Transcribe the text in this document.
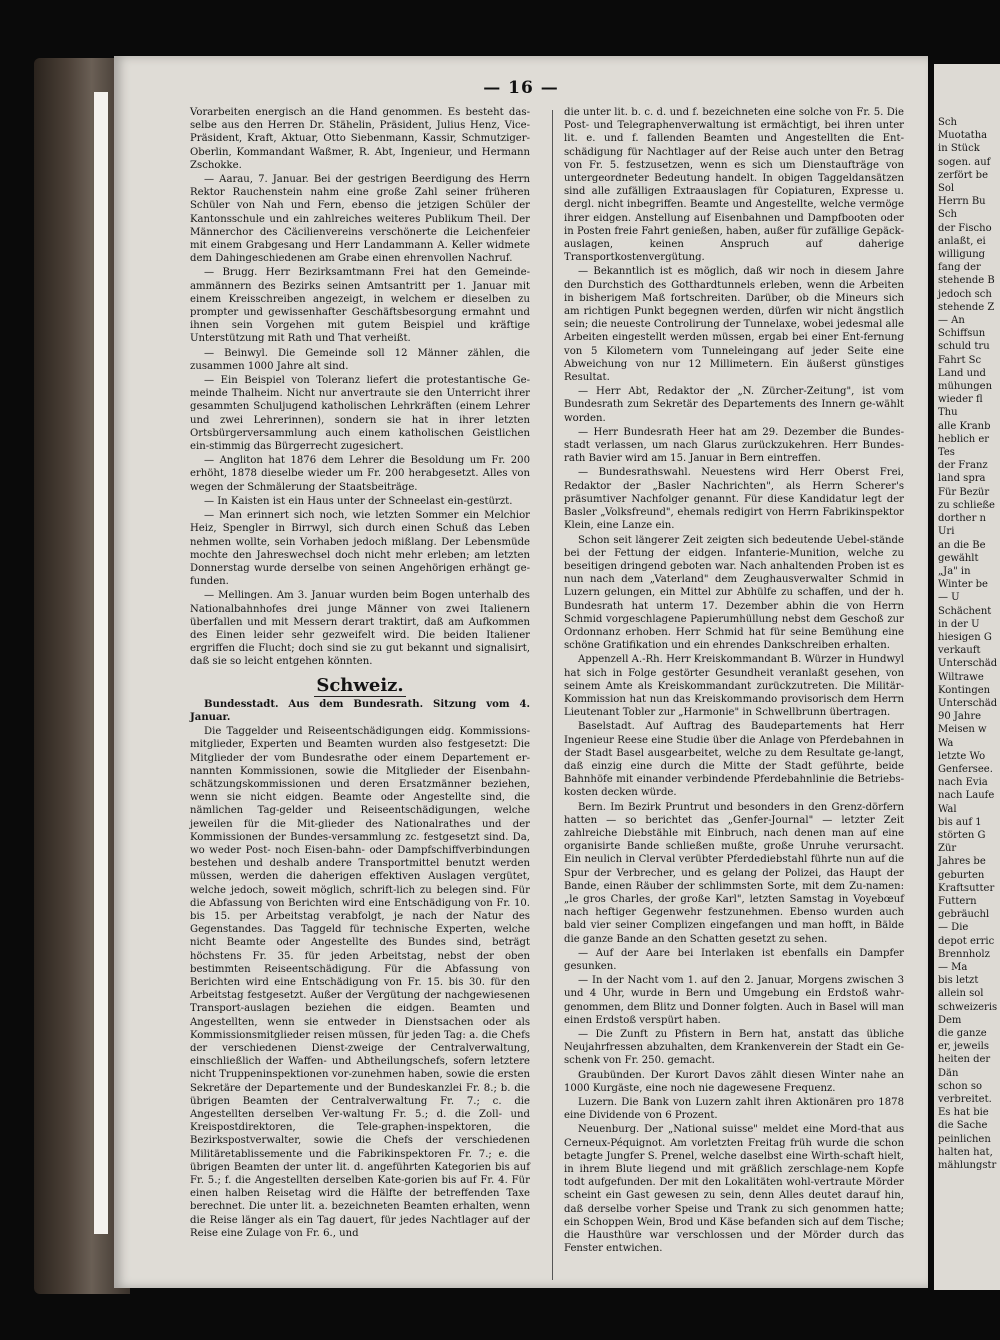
— 16 —

Vorarbeiten energisch an die Hand genommen. Es besteht das-selbe aus den Herren Dr. Stähelin, Präsident, Julius Henz, Vice-Präsident, Kraft, Aktuar, Otto Siebenmann, Kassir, Schmutziger-Oberlin, Kommandant Waßmer, R. Abt, Ingenieur, und Hermann Zschokke.

— Aarau, 7. Januar. Bei der gestrigen Beerdigung des Herrn Rektor Rauchenstein nahm eine große Zahl seiner früheren Schüler von Nah und Fern, ebenso die jetzigen Schüler der Kantonsschule und ein zahlreiches weiteres Publikum Theil. Der Männerchor des Cäcilienvereins verschönerte die Leichenfeier mit einem Grabgesang und Herr Landammann A. Keller widmete dem Dahingeschiedenen am Grabe einen ehrenvollen Nachruf.

— Brugg. Herr Bezirksamtmann Frei hat den Gemeinde-ammännern des Bezirks seinen Amtsantritt per 1. Januar mit einem Kreisschreiben angezeigt, in welchem er dieselben zu prompter und gewissenhafter Geschäftsbesorgung ermahnt und ihnen sein Vorgehen mit gutem Beispiel und kräftige Unterstützung mit Rath und That verheißt.

— Beinwyl. Die Gemeinde soll 12 Männer zählen, die zusammen 1000 Jahre alt sind.

— Ein Beispiel von Toleranz liefert die protestantische Ge-meinde Thalheim. Nicht nur anvertraute sie den Unterricht ihrer gesammten Schuljugend katholischen Lehrkräften (einem Lehrer und zwei Lehrerinnen), sondern sie hat in ihrer letzten Ortsbürgerversammlung auch einem katholischen Geistlichen ein-stimmig das Bürgerrecht zugesichert.

— Angliton hat 1876 dem Lehrer die Besoldung um Fr. 200 erhöht, 1878 dieselbe wieder um Fr. 200 herabgesetzt. Alles von wegen der Schmälerung der Staatsbeiträge.

— In Kaisten ist ein Haus unter der Schneelast ein-gestürzt.

— Man erinnert sich noch, wie letzten Sommer ein Melchior Heiz, Spengler in Birrwyl, sich durch einen Schuß das Leben nehmen wollte, sein Vorhaben jedoch mißlang. Der Lebensmüde mochte den Jahreswechsel doch nicht mehr erleben; am letzten Donnerstag wurde derselbe von seinen Angehörigen erhängt ge-funden.

— Mellingen. Am 3. Januar wurden beim Bogen unterhalb des Nationalbahnhofes drei junge Männer von zwei Italienern überfallen und mit Messern derart traktirt, daß am Aufkommen des Einen leider sehr gezweifelt wird. Die beiden Italiener ergriffen die Flucht; doch sind sie zu gut bekannt und signalisirt, daß sie so leicht entgehen könnten.

Schweiz.

Bundesstadt. Aus dem Bundesrath. Sitzung vom 4. Januar.

Die Taggelder und Reiseentschädigungen eidg. Kommissions-mitglieder, Experten und Beamten wurden also festgesetzt: Die Mitglieder der vom Bundesrathe oder einem Departement er-nannten Kommissionen, sowie die Mitglieder der Eisenbahn-schätzungskommissionen und deren Ersatzmänner beziehen, wenn sie nicht eidgen. Beamte oder Angestellte sind, die nämlichen Tag-gelder und Reiseentschädigungen, welche jeweilen für die Mit-glieder des Nationalrathes und der Kommissionen der Bundes-versammlung zc. festgesetzt sind. Da, wo weder Post- noch Eisen-bahn- oder Dampfschiffverbindungen bestehen und deshalb andere Transportmittel benutzt werden müssen, werden die daherigen effektiven Auslagen vergütet, welche jedoch, soweit möglich, schrift-lich zu belegen sind. Für die Abfassung von Berichten wird eine Entschädigung von Fr. 10. bis 15. per Arbeitstag verabfolgt, je nach der Natur des Gegenstandes. Das Taggeld für technische Experten, welche nicht Beamte oder Angestellte des Bundes sind, beträgt höchstens Fr. 35. für jeden Arbeitstag, nebst der oben bestimmten Reiseentschädigung. Für die Abfassung von Berichten wird eine Entschädigung von Fr. 15. bis 30. für den Arbeitstag festgesetzt. Außer der Vergütung der nachgewiesenen Transport-auslagen beziehen die eidgen. Beamten und Angestellten, wenn sie entweder in Dienstsachen oder als Kommissionsmitglieder reisen müssen, für jeden Tag: a. die Chefs der verschiedenen Dienst-zweige der Centralverwaltung, einschließlich der Waffen- und Abtheilungschefs, sofern letztere nicht Truppeninspektionen vor-zunehmen haben, sowie die ersten Sekretäre der Departemente und der Bundeskanzlei Fr. 8.; b. die übrigen Beamten der Centralverwaltung Fr. 7.; c. die Angestellten derselben Ver-waltung Fr. 5.; d. die Zoll- und Kreispostdirektoren, die Tele-graphen-inspektoren, die Bezirkspostverwalter, sowie die Chefs der verschiedenen Militäretablissemente und die Fabrikinspektoren Fr. 7.; e. die übrigen Beamten der unter lit. d. angeführten Kategorien bis auf Fr. 5.; f. die Angestellten derselben Kate-gorien bis auf Fr. 4. Für einen halben Reisetag wird die Hälfte der betreffenden Taxe berechnet. Die unter lit. a. bezeichneten Beamten erhalten, wenn die Reise länger als ein Tag dauert, für jedes Nachtlager auf der Reise eine Zulage von Fr. 6., und

die unter lit. b. c. d. und f. bezeichneten eine solche von Fr. 5. Die Post- und Telegraphenverwaltung ist ermächtigt, bei ihren unter lit. e. und f. fallenden Beamten und Angestellten die Ent-schädigung für Nachtlager auf der Reise auch unter den Betrag von Fr. 5. festzusetzen, wenn es sich um Dienstaufträge von untergeordneter Bedeutung handelt. In obigen Taggeldansätzen sind alle zufälligen Extraauslagen für Copiaturen, Expresse u. dergl. nicht inbegriffen. Beamte und Angestellte, welche vermöge ihrer eidgen. Anstellung auf Eisenbahnen und Dampfbooten oder in Posten freie Fahrt genießen, haben, außer für zufällige Gepäck-auslagen, keinen Anspruch auf daherige Transportkostenvergütung.

— Bekanntlich ist es möglich, daß wir noch in diesem Jahre den Durchstich des Gotthardtunnels erleben, wenn die Arbeiten in bisherigem Maß fortschreiten. Darüber, ob die Mineurs sich am richtigen Punkt begegnen werden, dürfen wir nicht ängstlich sein; die neueste Controlirung der Tunnelaxe, wobei jedesmal alle Arbeiten eingestellt werden müssen, ergab bei einer Ent-fernung von 5 Kilometern vom Tunneleingang auf jeder Seite eine Abweichung von nur 12 Millimetern. Ein äußerst günstiges Resultat.

— Herr Abt, Redaktor der „N. Zürcher-Zeitung", ist vom Bundesrath zum Sekretär des Departements des Innern ge-wählt worden.

— Herr Bundesrath Heer hat am 29. Dezember die Bundes-stadt verlassen, um nach Glarus zurückzukehren. Herr Bundes-rath Bavier wird am 15. Januar in Bern eintreffen.

— Bundesrathswahl. Neuestens wird Herr Oberst Frei, Redaktor der „Basler Nachrichten", als Herrn Scherer's präsumtiver Nachfolger genannt. Für diese Kandidatur legt der Basler „Volksfreund", ehemals redigirt von Herrn Fabrikinspektor Klein, eine Lanze ein.

Schon seit längerer Zeit zeigten sich bedeutende Uebel-stände bei der Fettung der eidgen. Infanterie-Munition, welche zu beseitigen dringend geboten war. Nach anhaltenden Proben ist es nun nach dem „Vaterland" dem Zeughausverwalter Schmid in Luzern gelungen, ein Mittel zur Abhülfe zu schaffen, und der h. Bundesrath hat unterm 17. Dezember abhin die von Herrn Schmid vorgeschlagene Papierumhüllung nebst dem Geschoß zur Ordonnanz erhoben. Herr Schmid hat für seine Bemühung eine schöne Gratifikation und ein ehrendes Dankschreiben erhalten.

Appenzell A.-Rh. Herr Kreiskommandant B. Würzer in Hundwyl hat sich in Folge gestörter Gesundheit veranlaßt gesehen, von seinem Amte als Kreiskommandant zurückzutreten. Die Militär-Kommission hat nun das Kreiskommando provisorisch dem Herrn Lieutenant Tobler zur „Harmonie" in Schwellbrunn übertragen.

Baselstadt. Auf Auftrag des Baudepartements hat Herr Ingenieur Reese eine Studie über die Anlage von Pferdebahnen in der Stadt Basel ausgearbeitet, welche zu dem Resultate ge-langt, daß einzig eine durch die Mitte der Stadt geführte, beide Bahnhöfe mit einander verbindende Pferdebahnlinie die Betriebs-kosten decken würde.

Bern. Im Bezirk Pruntrut und besonders in den Grenz-dörfern hatten — so berichtet das „Genfer-Journal" — letzter Zeit zahlreiche Diebstähle mit Einbruch, nach denen man auf eine organisirte Bande schließen mußte, große Unruhe verursacht. Ein neulich in Clerval verübter Pferdediebstahl führte nun auf die Spur der Verbrecher, und es gelang der Polizei, das Haupt der Bande, einen Räuber der schlimmsten Sorte, mit dem Zu-namen: „le gros Charles, der große Karl", letzten Samstag in Voyebœuf nach heftiger Gegenwehr festzunehmen. Ebenso wurden auch bald vier seiner Complizen eingefangen und man hofft, in Bälde die ganze Bande an den Schatten gesetzt zu sehen.

— Auf der Aare bei Interlaken ist ebenfalls ein Dampfer gesunken.

— In der Nacht vom 1. auf den 2. Januar, Morgens zwischen 3 und 4 Uhr, wurde in Bern und Umgebung ein Erdstoß wahr-genommen, dem Blitz und Donner folgten. Auch in Basel will man einen Erdstoß verspürt haben.

— Die Zunft zu Pfistern in Bern hat, anstatt das übliche Neujahrfressen abzuhalten, dem Krankenverein der Stadt ein Ge-schenk von Fr. 250. gemacht.

Graubünden. Der Kurort Davos zählt diesen Winter nahe an 1000 Kurgäste, eine noch nie dagewesene Frequenz.

Luzern. Die Bank von Luzern zahlt ihren Aktionären pro 1878 eine Dividende von 6 Prozent.

Neuenburg. Der „National suisse" meldet eine Mord-that aus Cerneux-Péquignot. Am vorletzten Freitag früh wurde die schon betagte Jungfer S. Prenel, welche daselbst eine Wirth-schaft hielt, in ihrem Blute liegend und mit gräßlich zerschlage-nem Kopfe todt aufgefunden. Der mit den Lokalitäten wohl-vertraute Mörder scheint ein Gast gewesen zu sein, denn Alles deutet darauf hin, daß derselbe vorher Speise und Trank zu sich genommen hatte; ein Schoppen Wein, Brod und Käse befanden sich auf dem Tische; die Hausthüre war verschlossen und der Mörder durch das Fenster entwichen.

Sch
Muotatha
in Stück
sogen. auf
zerfört be
Sol
Herrn Bu
Sch
der Fischo
anlaßt, ei
willigung
fang der
stehende B
jedoch sch
stehende Z
— An
Schiffsun
schuld tru
Fahrt Sc
Land und
mühungen
wieder fl
Thu
alle Kranb
heblich er
Tes
der Franz
land spra
Für Bezür
zu schließe
dorther n
Uri
an die Be
gewählt
„Ja" in
Winter be
— U
Schächent
in der U
hiesigen G
verkauft
Unterschäd
Wiltrawe
Kontingen
Unterschäd
90 Jahre
Meisen w
Wa
letzte Wo
Genfersee.
nach Evia
nach Laufe
Wal
bis auf 1
störten G
Zür
Jahres be
geburten
Kraftsutter
Futtern
gebräuchl
— Die
depot erric
Brennholz
— Ma
bis letzt
allein sol
schweizeris
Dem
die ganze
er, jeweils
heiten der
Dän
schon so
verbreitet.
Es hat bie
die Sache
peinlichen
halten hat,
mählungstr
